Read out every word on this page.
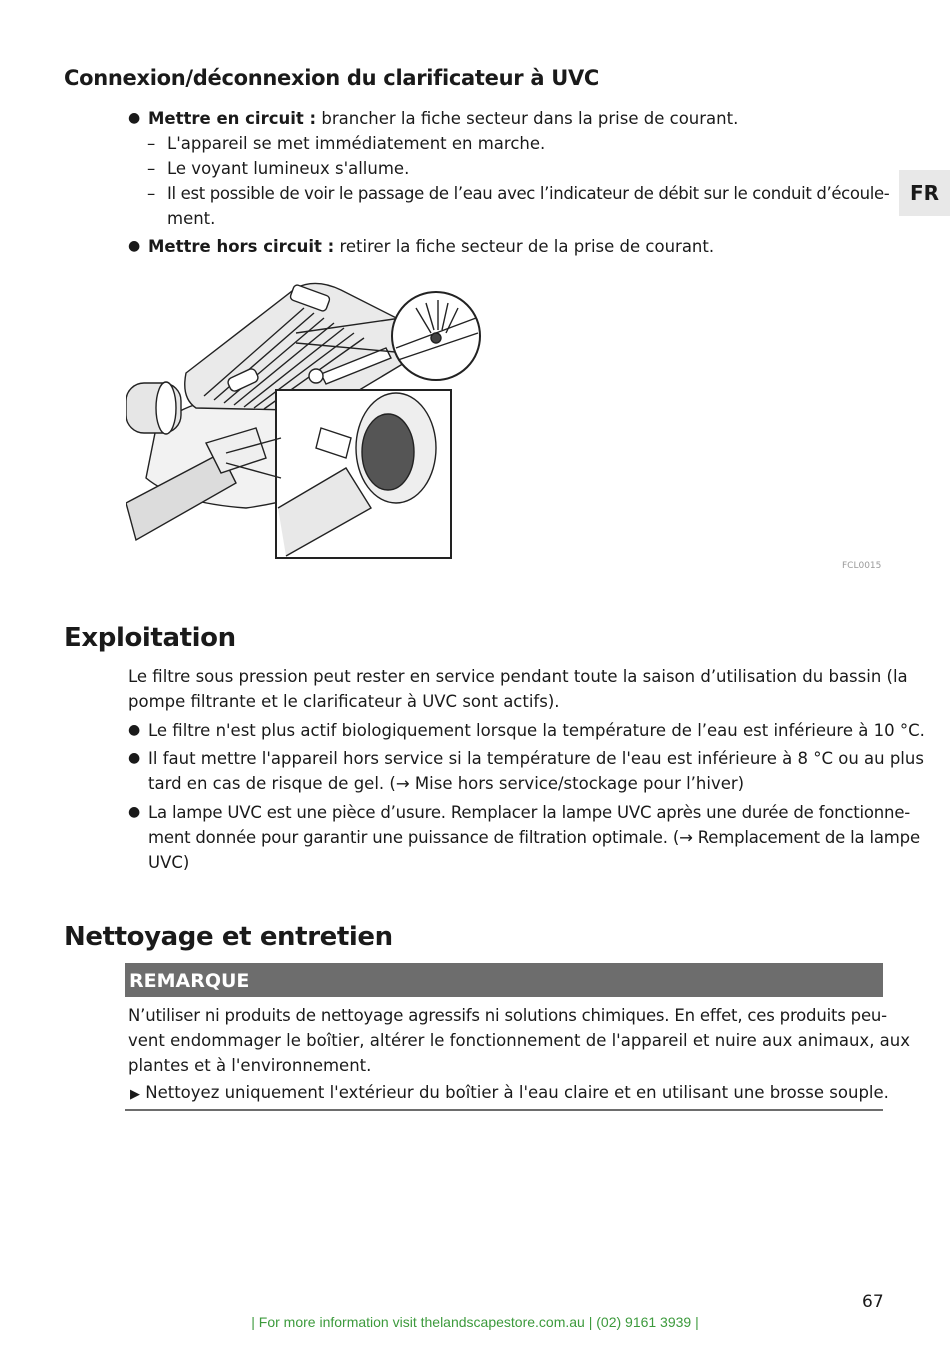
FR
Connexion/déconnexion du clarificateur à UVC
● Mettre en circuit : brancher la fiche secteur dans la prise de courant.
– L'appareil se met immédiatement en marche.
– Le voyant lumineux s'allume.
– Il est possible de voir le passage de l’eau avec l’indicateur de débit sur le conduit d’écoule-
ment.
● Mettre hors circuit : retirer la fiche secteur de la prise de courant.
FCL0015
Exploitation
Le filtre sous pression peut rester en service pendant toute la saison d’utilisation du bassin (la
pompe filtrante et le clarificateur à UVC sont actifs).
● Le filtre n'est plus actif biologiquement lorsque la température de l’eau est inférieure à 10 °C.
● Il faut mettre l'appareil hors service si la température de l'eau est inférieure à 8 °C ou au plus
tard en cas de risque de gel. (→ Mise hors service/stockage pour l’hiver)
● La lampe UVC est une pièce d’usure. Remplacer la lampe UVC après une durée de fonctionne-
ment donnée pour garantir une puissance de filtration optimale. (→ Remplacement de la lampe
UVC)
Nettoyage et entretien
REMARQUE
N’utiliser ni produits de nettoyage agressifs ni solutions chimiques. En effet, ces produits peu-
vent endommager le boîtier, altérer le fonctionnement de l'appareil et nuire aux animaux, aux
plantes et à l'environnement.
▶ Nettoyez uniquement l'extérieur du boîtier à l'eau claire et en utilisant une brosse souple.
67
| For more information visit thelandscapestore.com.au | (02) 9161 3939 |
